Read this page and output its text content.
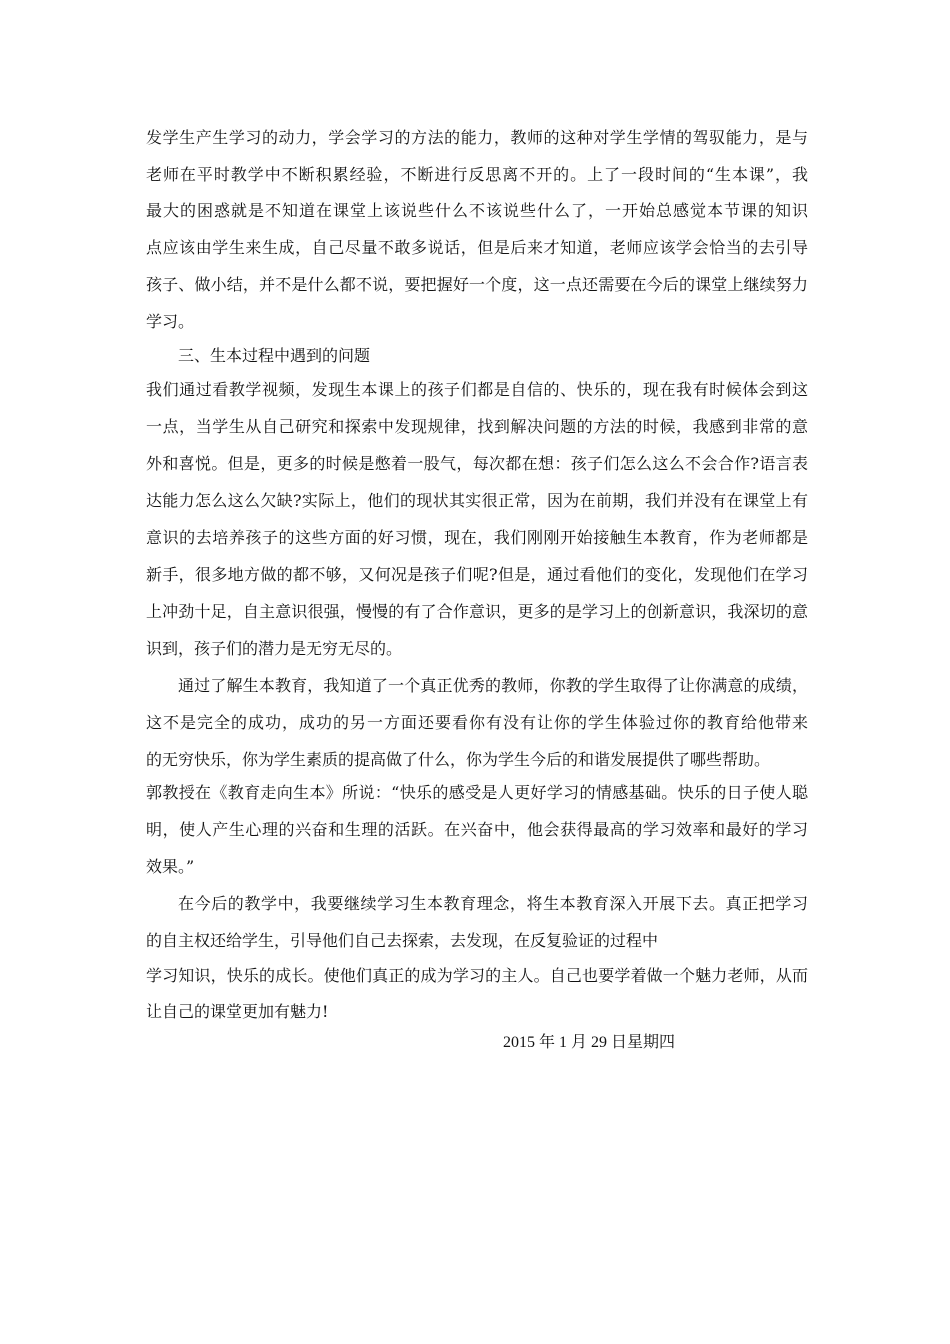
发学生产生学习的动力，学会学习的方法的能力，教师的这种对学生学情的驾驭能力，是与
老师在平时教学中不断积累经验，不断进行反思离不开的。上了一段时间的“生本课”，我
最大的困惑就是不知道在课堂上该说些什么不该说些什么了，一开始总感觉本节课的知识
点应该由学生来生成，自己尽量不敢多说话，但是后来才知道，老师应该学会恰当的去引导
孩子、做小结，并不是什么都不说，要把握好一个度，这一点还需要在今后的课堂上继续努力
学习。
三、生本过程中遇到的问题
我们通过看教学视频，发现生本课上的孩子们都是自信的、快乐的，现在我有时候体会到这
一点，当学生从自己研究和探索中发现规律，找到解决问题的方法的时候，我感到非常的意
外和喜悦。但是，更多的时候是憋着一股气，每次都在想：孩子们怎么这么不会合作?语言表
达能力怎么这么欠缺?实际上，他们的现状其实很正常，因为在前期，我们并没有在课堂上有
意识的去培养孩子的这些方面的好习惯，现在，我们刚刚开始接触生本教育，作为老师都是
新手，很多地方做的都不够，又何况是孩子们呢?但是，通过看他们的变化，发现他们在学习
上冲劲十足，自主意识很强，慢慢的有了合作意识，更多的是学习上的创新意识，我深切的意
识到，孩子们的潜力是无穷无尽的。
通过了解生本教育，我知道了一个真正优秀的教师，你教的学生取得了让你满意的成绩，
这不是完全的成功，成功的另一方面还要看你有没有让你的学生体验过你的教育给他带来
的无穷快乐，你为学生素质的提高做了什么，你为学生今后的和谐发展提供了哪些帮助。
郭教授在《教育走向生本》所说：“快乐的感受是人更好学习的情感基础。快乐的日子使人聪
明，使人产生心理的兴奋和生理的活跃。在兴奋中，他会获得最高的学习效率和最好的学习
效果。”
在今后的教学中，我要继续学习生本教育理念，将生本教育深入开展下去。真正把学习
的自主权还给学生，引导他们自己去探索，去发现，在反复验证的过程中
学习知识，快乐的成长。使他们真正的成为学习的主人。自己也要学着做一个魅力老师，从而
让自己的课堂更加有魅力!
2015 年 1 月 29 日星期四
